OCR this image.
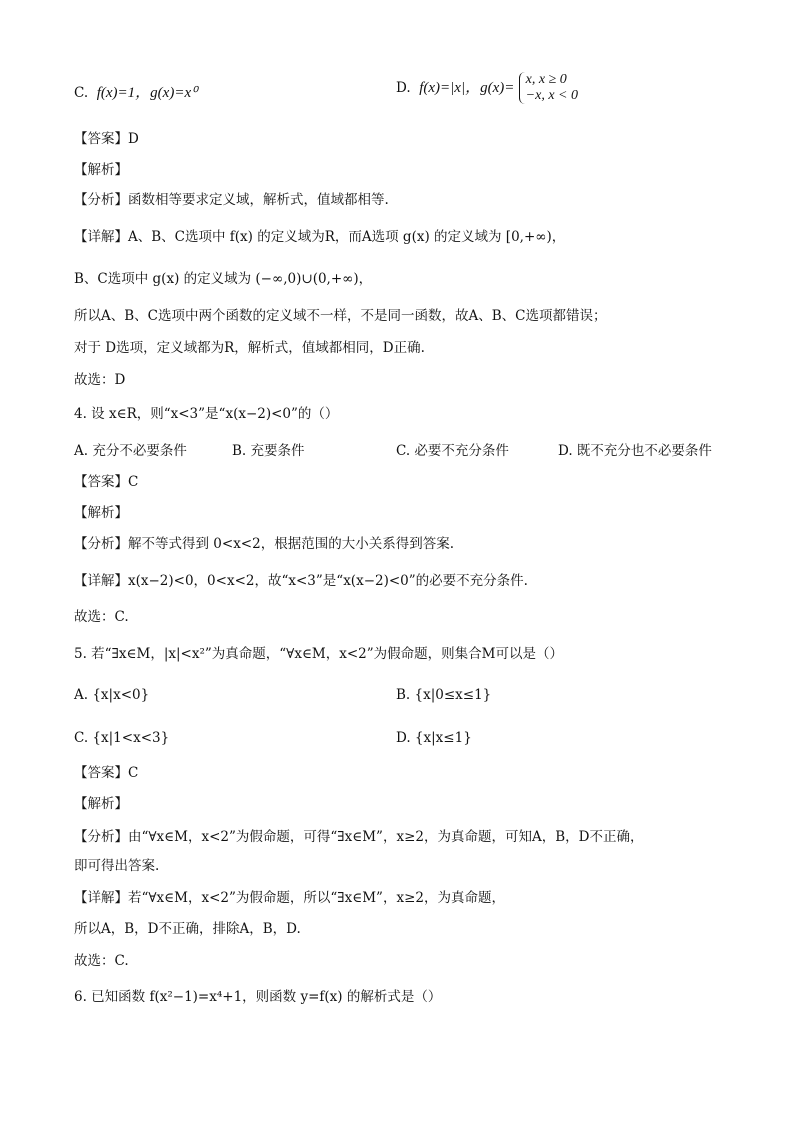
C. f(x)=1，g(x)=x⁰	D. f(x)=|x|，g(x)= x, x ≥ 0
−x, x < 0
【答案】D
【解析】
【分析】函数相等要求定义域，解析式，值域都相等.
【详解】A、B、C选项中 f(x) 的定义域为R，而A选项 g(x) 的定义域为 [0,+∞)，
B、C选项中 g(x) 的定义域为 (−∞,0)∪(0,+∞)，
所以A、B、C选项中两个函数的定义域不一样，不是同一函数，故A、B、C选项都错误；
对于 D选项，定义域都为R，解析式，值域都相同，D正确.
故选：D
4. 设 x∈R，则“x<3”是“x(x−2)<0”的（）
A. 充分不必要条件	B. 充要条件	C. 必要不充分条件	D. 既不充分也不必要条件
【答案】C
【解析】
【分析】解不等式得到 0<x<2，根据范围的大小关系得到答案.
【详解】x(x−2)<0，0<x<2，故“x<3”是“x(x−2)<0”的必要不充分条件.
故选：C.
5. 若“∃x∈M，|x|<x²”为真命题，“∀x∈M，x<2”为假命题，则集合M可以是（）
A. {x|x<0}	B. {x|0≤x≤1}
C. {x|1<x<3}	D. {x|x≤1}
【答案】C
【解析】
【分析】由“∀x∈M，x<2”为假命题，可得“∃x∈M”，x≥2，为真命题，可知A，B，D不正确，
即可得出答案.
【详解】若“∀x∈M，x<2”为假命题，所以“∃x∈M”，x≥2，为真命题，
所以A，B，D不正确，排除A，B，D.
故选：C.
6. 已知函数 f(x²−1)=x⁴+1，则函数 y=f(x) 的解析式是（）
